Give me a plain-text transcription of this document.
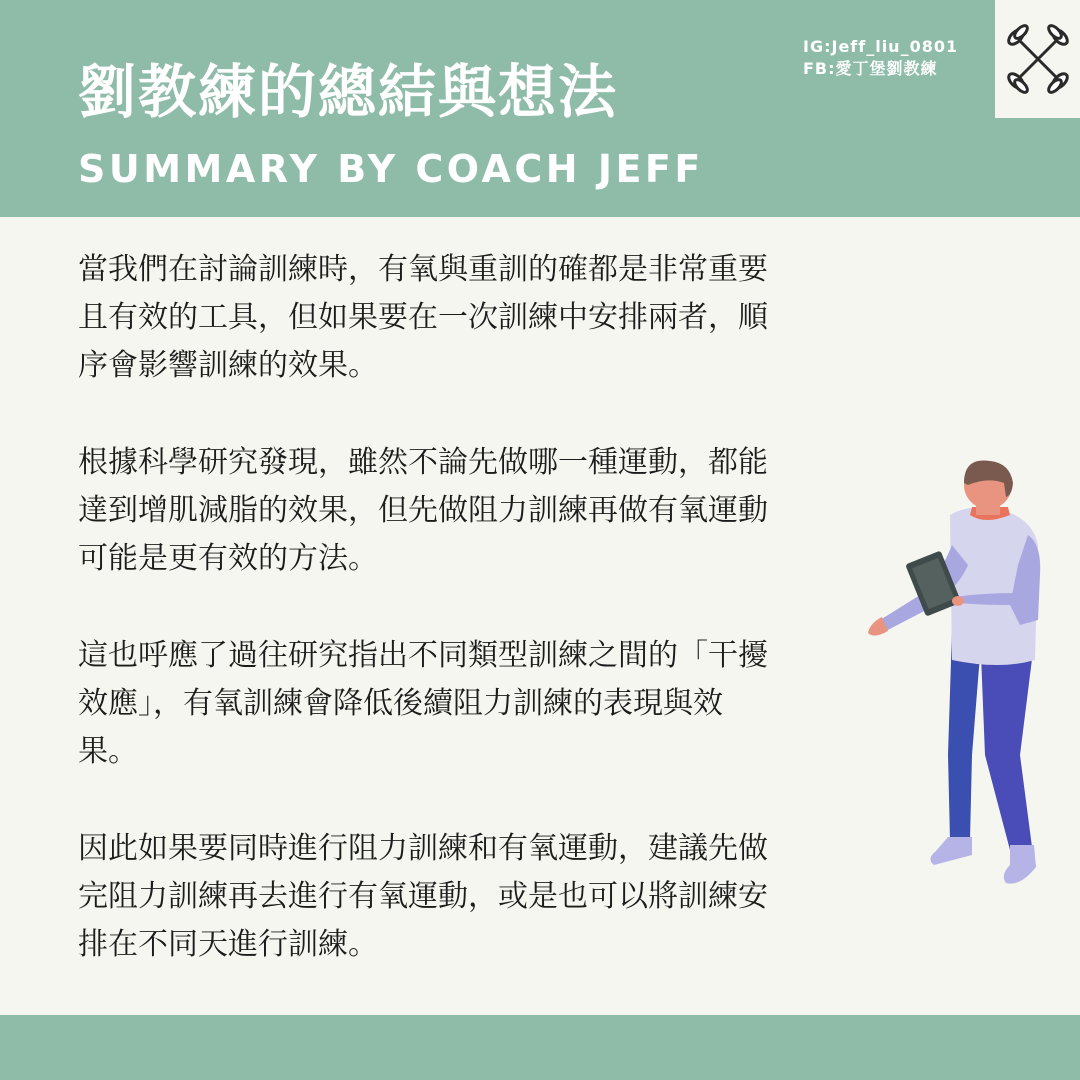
劉教練的總結與想法
SUMMARY BY COACH JEFF
IG:Jeff_liu_0801
FB:愛丁堡劉教練

當我們在討論訓練時，有氧與重訓的確都是非常重要
且有效的工具，但如果要在一次訓練中安排兩者，順
序會影響訓練的效果。

根據科學研究發現，雖然不論先做哪一種運動，都能
達到增肌減脂的效果，但先做阻力訓練再做有氧運動
可能是更有效的方法。

這也呼應了過往研究指出不同類型訓練之間的「干擾
效應」，有氧訓練會降低後續阻力訓練的表現與效
果。

因此如果要同時進行阻力訓練和有氧運動，建議先做
完阻力訓練再去進行有氧運動，或是也可以將訓練安
排在不同天進行訓練。
